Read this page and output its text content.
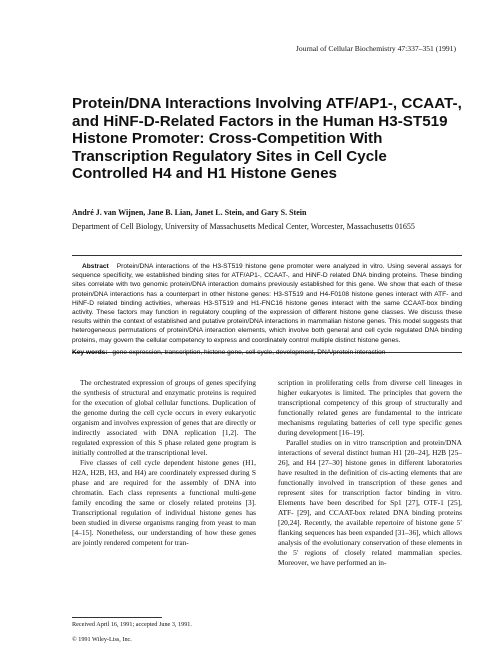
Journal of Cellular Biochemistry 47:337–351 (1991)
Protein/DNA Interactions Involving ATF/AP1-, CCAAT-, and HiNF-D-Related Factors in the Human H3-ST519 Histone Promoter: Cross-Competition With Transcription Regulatory Sites in Cell Cycle Controlled H4 and H1 Histone Genes
André J. van Wijnen, Jane B. Lian, Janet L. Stein, and Gary S. Stein
Department of Cell Biology, University of Massachusetts Medical Center, Worcester, Massachusetts 01655
Abstract Protein/DNA interactions of the H3-ST519 histone gene promoter were analyzed in vitro. Using several assays for sequence specificity, we established binding sites for ATF/AP1-, CCAAT-, and HiNF-D related DNA binding proteins. These binding sites correlate with two genomic protein/DNA interaction domains previously established for this gene. We show that each of these protein/DNA interactions has a counterpart in other histone genes: H3-ST519 and H4-F0108 histone genes interact with ATF- and HiNF-D related binding activities, whereas H3-ST519 and H1-FNC16 histone genes interact with the same CCAAT-box binding activity. These factors may function in regulatory coupling of the expression of different histone gene classes. We discuss these results within the context of established and putative protein/DNA interactions in mammalian histone genes. This model suggests that heterogeneous permutations of protein/DNA interaction elements, which involve both general and cell cycle regulated DNA binding proteins, may govern the cellular competency to express and coordinately control multiple distinct histone genes.
Key words: gene expression, transcription, histone gene, cell cycle, development, DNA/protein interaction

The orchestrated expression of groups of genes specifying the synthesis of structural and enzymatic proteins is required for the execution of global cellular functions. Duplication of the genome during the cell cycle occurs in every eukaryotic organism and involves expression of genes that are directly or indirectly associated with DNA replication [1,2]. The regulated expression of this S phase related gene program is initially controlled at the transcriptional level.

Five classes of cell cycle dependent histone genes (H1, H2A, H2B, H3, and H4) are coordinately expressed during S phase and are required for the assembly of DNA into chromatin. Each class represents a functional multi-gene family encoding the same or closely related proteins [3]. Transcriptional regulation of individual histone genes has been studied in diverse organisms ranging from yeast to man [4–15]. Nonetheless, our understanding of how these genes are jointly rendered competent for tran-

scription in proliferating cells from diverse cell lineages in higher eukaryotes is limited. The principles that govern the transcriptional competency of this group of structurally and functionally related genes are fundamental to the intricate mechanisms regulating batteries of cell type specific genes during development [16–19].

Parallel studies on in vitro transcription and protein/DNA interactions of several distinct human H1 [20–24], H2B [25–26], and H4 [27–30] histone genes in different laboratories have resulted in the definition of cis-acting elements that are functionally involved in transcription of these genes and represent sites for transcription factor binding in vitro. Elements have been described for Sp1 [27], OTF-1 [25], ATF- [29], and CCAAT-box related DNA binding proteins [20,24]. Recently, the available repertoire of histone gene 5′ flanking sequences has been expanded [31–36], which allows analysis of the evolutionary conservation of these elements in the 5′ regions of closely related mammalian species. Moreover, we have performed an in-

Received April 16, 1991; accepted June 3, 1991.
© 1991 Wiley-Liss, Inc.
